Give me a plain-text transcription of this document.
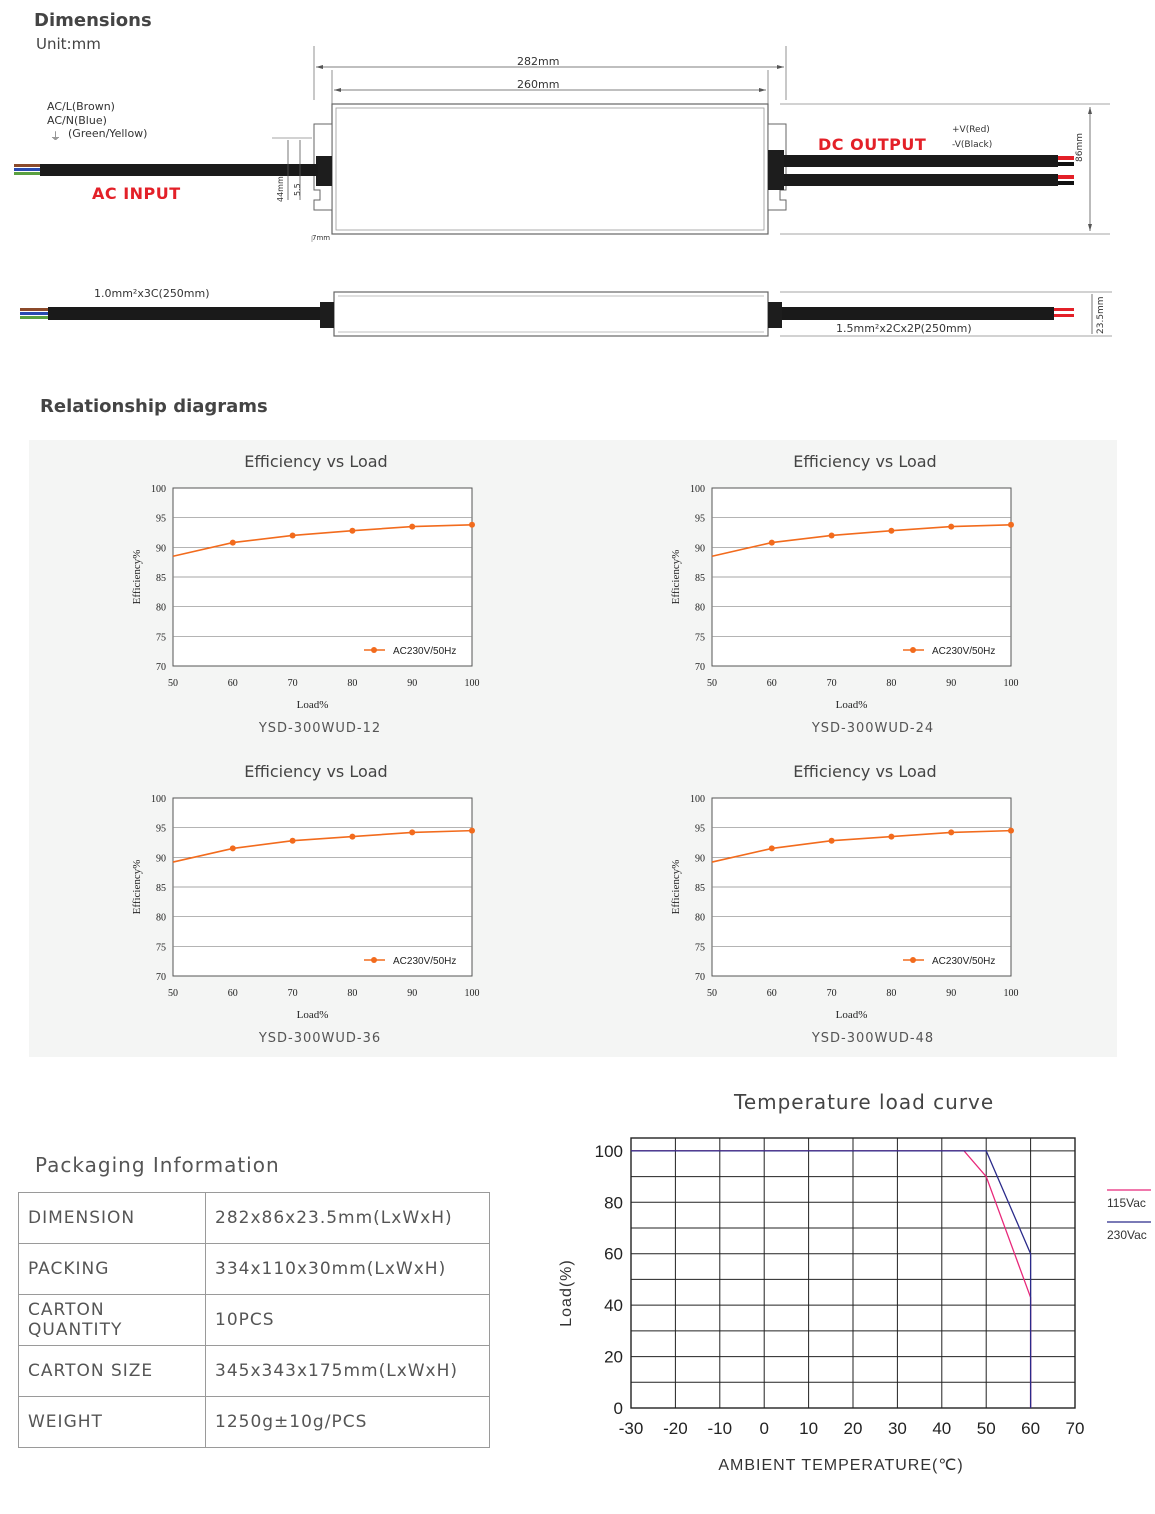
Dimensions
Unit:mm
AC/L(Brown)
AC/N(Blue)
⏚ (Green/Yellow)
AC INPUT
DC OUTPUT
+V(Red)
-V(Black)
282mm
260mm
86mm
44mm 5.5
7mm
23.5mm
1.0mm²x3C(250mm)
1.5mm²x2Cx2P(250mm)
Relationship diagrams
Efficiency vs Load	Efficiency vs Load
Efficiency vs Load	Efficiency vs Load
70
75
80
85
90
95
100
50	60	70	80	90	100
Load%
Efficiency%
AC230V/50Hz
70
75
80
85
90
95
100
50	60	70	80	90	100
Load%
Efficiency%
AC230V/50Hz
70
75
80
85
90
95
100
50	60	70	80	90	100
Load%
Efficiency%
AC230V/50Hz
70
75
80
85
90
95
100
50	60	70	80	90	100
Load%
Efficiency%
AC230V/50Hz
YSD-300WUD-12	YSD-300WUD-24
YSD-300WUD-36	YSD-300WUD-48
Packaging Information
DIMENSION	282x86x23.5mm(LxWxH)
PACKING	334x110x30mm(LxWxH)
CARTON QUANTITY	10PCS
CARTON SIZE	345x343x175mm(LxWxH)
WEIGHT	1250g±10g/PCS
Temperature load curve
-30 -20 -10 0 10 20 30 40 50 60 70
0
20
40
60
80
100
AMBIENT TEMPERATURE(℃)
Load(%)
115Vac
230Vac
